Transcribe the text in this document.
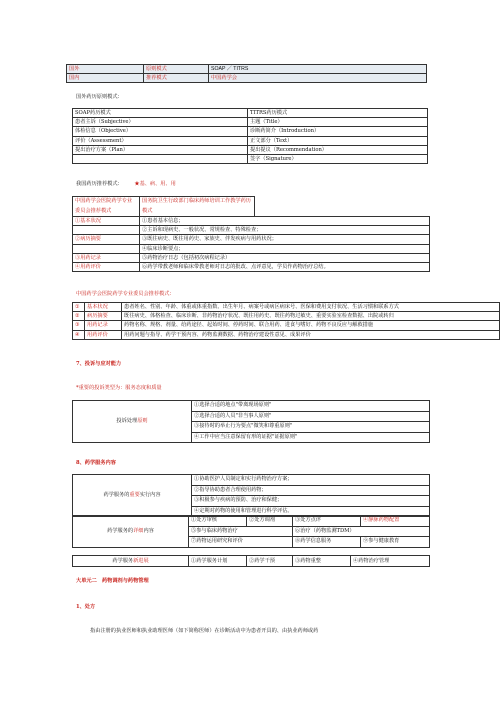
国外	原则模式	SOAP ／ TITRS
国内	推荐模式	中国药学会
国外药历原则模式：
SOAP药历模式	TITRS药历模式
患者主诉（Subjective）	主题（Title）
体检信息（Objective）	诊断药简介（Introduction）
评价（Assessment）	正文部分（Text）
提出治疗方案（Plan）	提出提议（Recommendation）
	签字（Signature）
我国药历推荐模式： ★基、病、用、用
中国药学会医院药学专业委员会推荐模式	国务院卫生行政部门临床药师培训工作教学药历模式	
①基本状况	①患者基本信息；	
	②主诉和现病史、一般状况、常规检查、特殊检查；	
②病历摘要	③既往病史、既往用药史、家族史、伴发疾病与用药状况；	
	④临床诊断要点；	
③用药记录	⑤药物治疗日志（包括初次病程记录）	
④用药评价	⑥药学带教老师和临床带教老师对日志的批改、点评意见，学员作药物治疗总结。	
中国药学会医院药学专业委员会推荐模式：
①	基本状况	患者姓名、性别、年龄、体重或体重指数、出生年月、病案号或病区病床号、医保和费用支付状况、生活习惯和联系方式
②	病历摘要	既往病史、体格检查、临床诊断、非药物治疗状况、既往用药史、既往药物过敏史、重要实验室检查数据、出院或转归
③	用药记录	药物名称、规格、剂量、给药途径、起始时间、停药时间、联合用药、进食与嗜好、药物不良反应与解救措施
④	用药评价	用药问题与指导、药学干预内容、药物监测数据、药物治疗建设性意见、成果评价
7、投诉与应对能力
*重要的投诉类型为：服务态度和质量
投诉处理原则	①选择合适的地点"带离现场原则"
②选择合适的人员"非当事人原则"
③接待时的举止行为要点"微笑和尊重原则"
④工作中应当注意保留有形的证据"证据原则"
8、药学服务内容
药学服务的重要实行内容	①协助医护人员制定和实行药物治疗方案；
②指导协助患者合理使用药物；
③积极参与疾病的预防、治疗和保健；
④定期对药物的使用和管理进行科学评估。
药学服务的详细内容	①处方审核	②处方调剂	③处方点评	④静脉药物配置
	⑤参与临床药物治疗		⑥治疗（药物监测TDM）	
	⑦药物运用研究和评价		⑧药学信息服务	⑨参与健康教育
药学服务新进展	①药学服务计划	②药学干预	③药物重整	④药物治疗管理
大单元二　药物调剂与药物管理
1、处方
指由注册的执业医师和执业助理医师（如下简称医师）在诊断活动中为患者开具的、由执业药师或药
